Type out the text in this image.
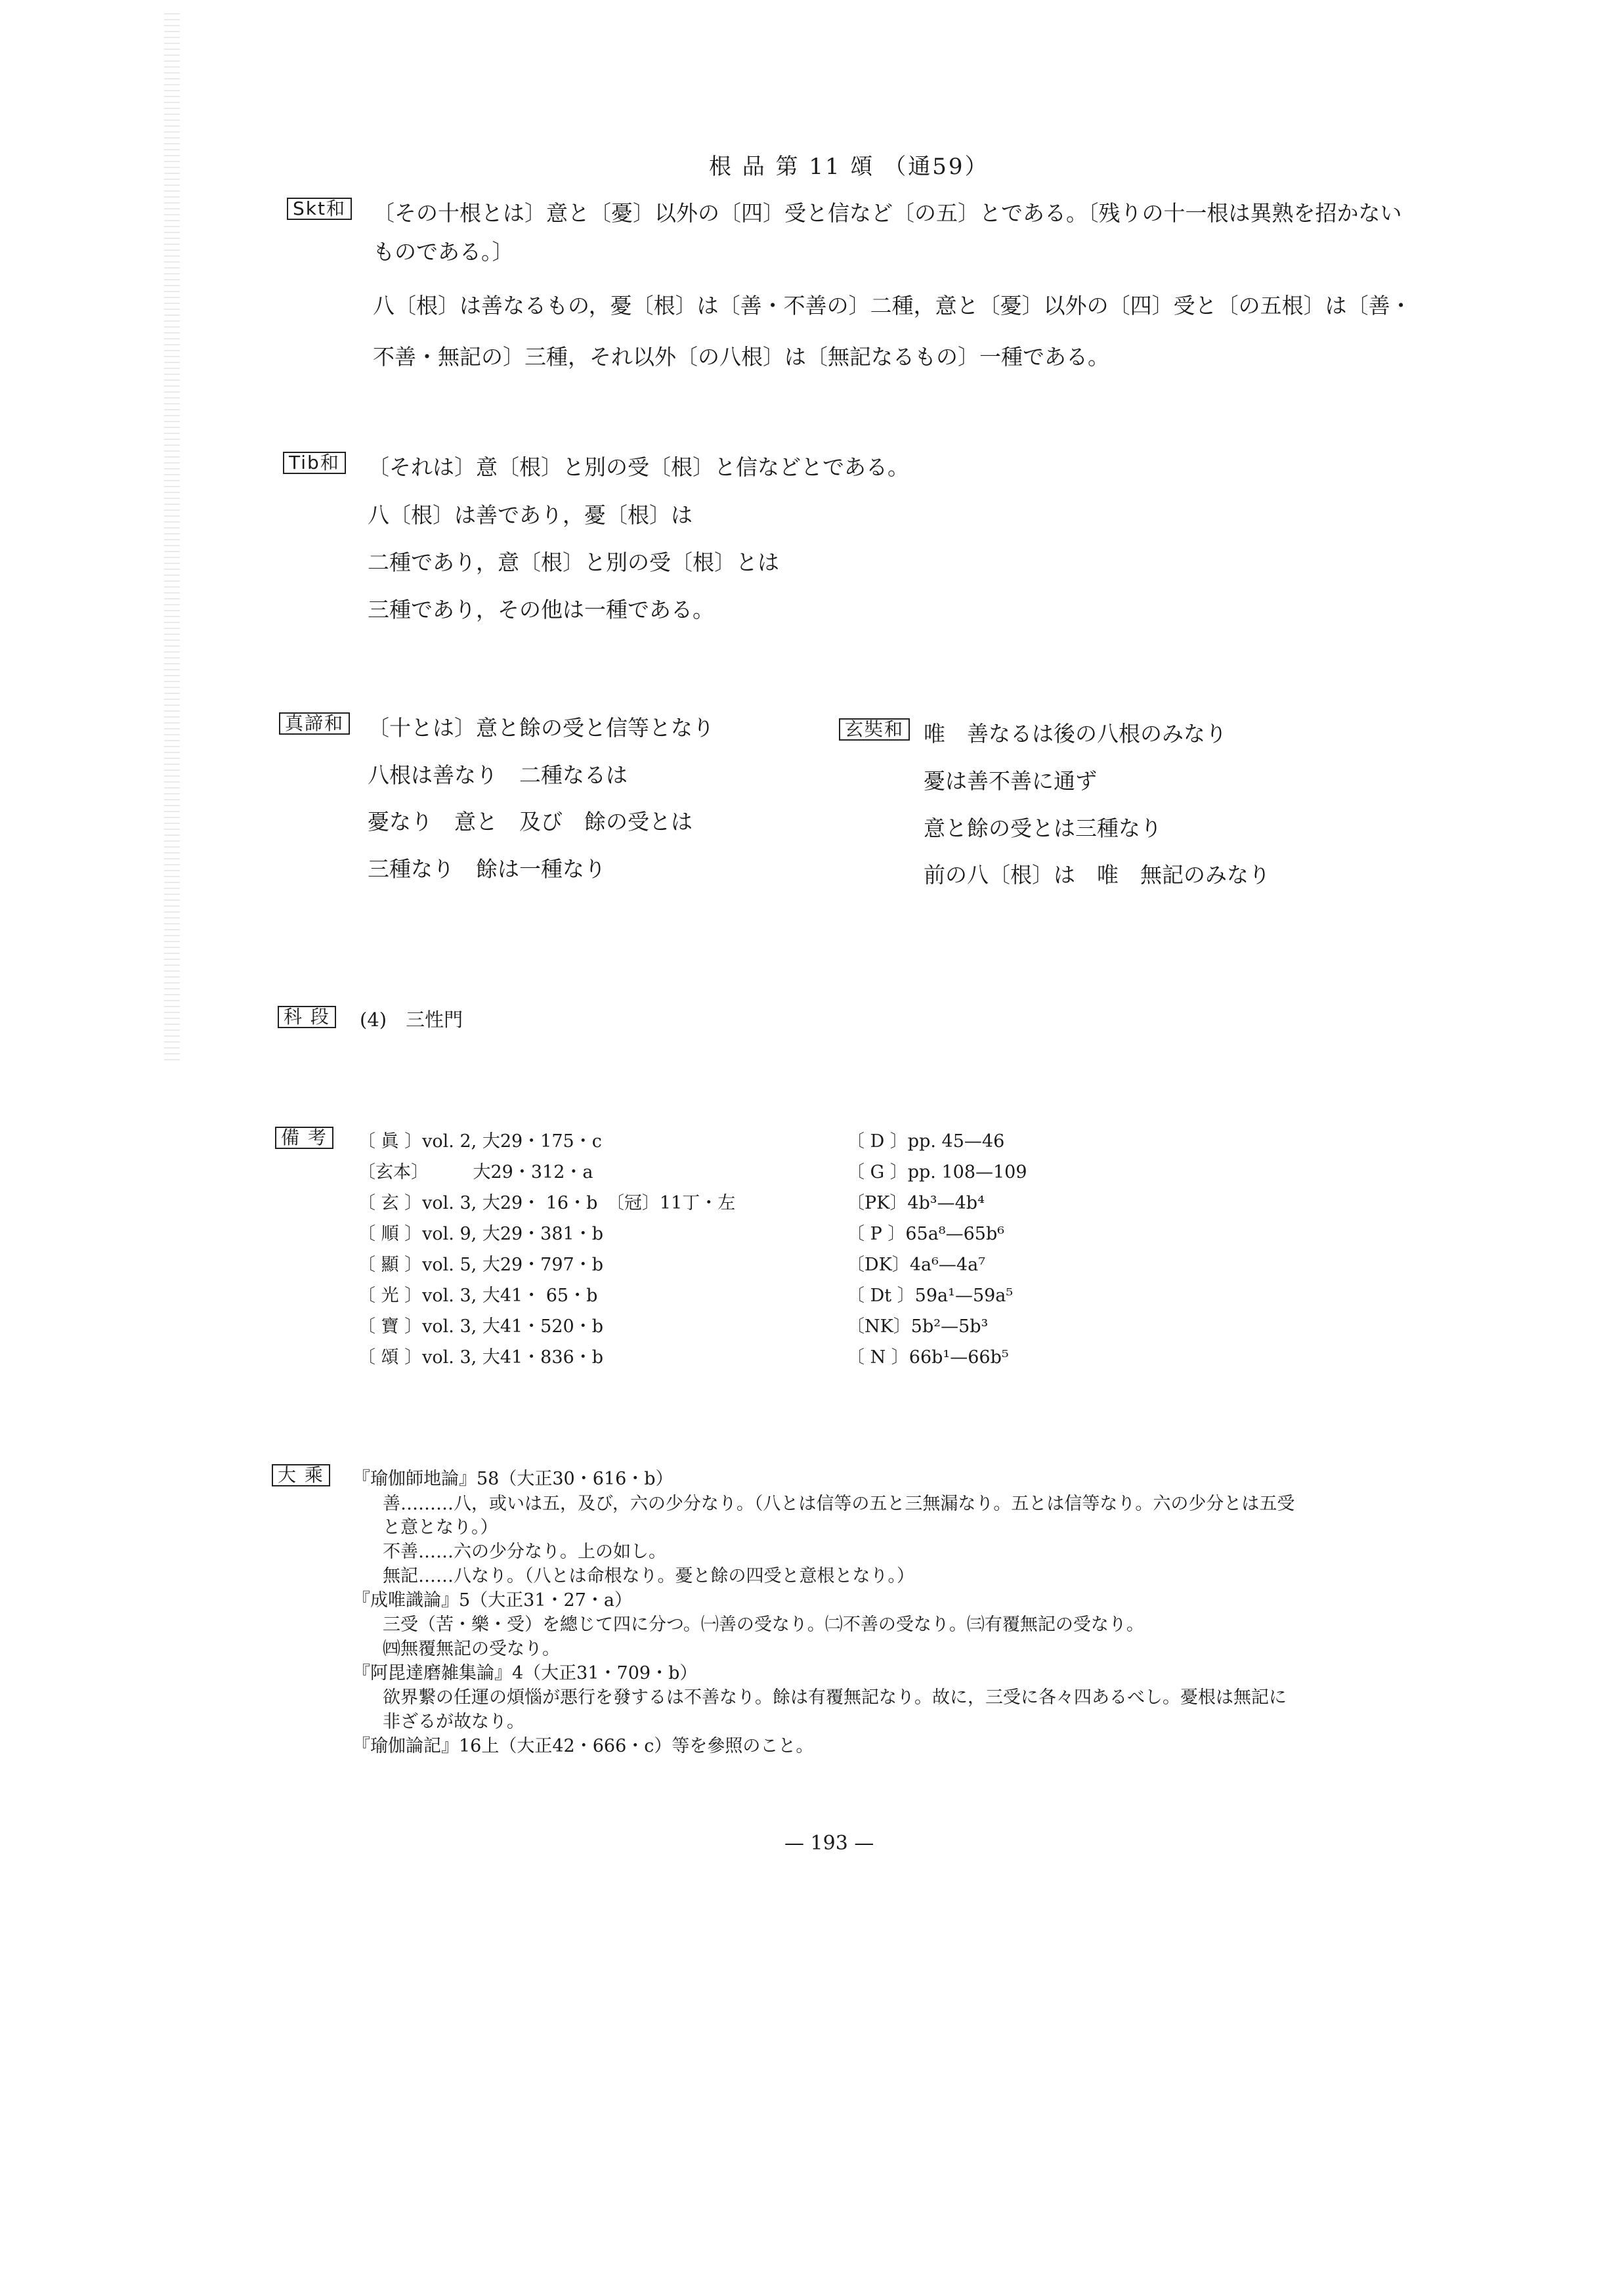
根 品 第 11 頌 （通59）
Skt和 〔その十根とは〕意と〔憂〕以外の〔四〕受と信など〔の五〕とである。〔残りの十一根は異熟を招かない
ものである。〕
八〔根〕は善なるもの，憂〔根〕は〔善・不善の〕二種，意と〔憂〕以外の〔四〕受と〔の五根〕は〔善・
不善・無記の〕三種，それ以外〔の八根〕は〔無記なるもの〕一種である。
Tib和 〔それは〕意〔根〕と別の受〔根〕と信などとである。
八〔根〕は善であり，憂〔根〕は
二種であり，意〔根〕と別の受〔根〕とは
三種であり，その他は一種である。
真諦和 〔十とは〕意と餘の受と信等となり
八根は善なり　二種なるは
憂なり　意と　及び　餘の受とは
三種なり　餘は一種なり
玄奘和 唯　善なるは後の八根のみなり
憂は善不善に通ず
意と餘の受とは三種なり
前の八〔根〕は　唯　無記のみなり
科 段	(4)　三性門
備 考	〔 眞 〕vol. 2, 大29・175・c
〔玄本〕　　　大29・312・a
〔 玄 〕vol. 3, 大29・ 16・b　〔冠〕11丁・左
〔 順 〕vol. 9, 大29・381・b
〔 顯 〕vol. 5, 大29・797・b
〔 光 〕vol. 3, 大41・ 65・b
〔 寶 〕vol. 3, 大41・520・b
〔 頌 〕vol. 3, 大41・836・b
〔 D 〕pp. 45—46
〔 G 〕pp. 108—109
〔PK〕4b³—4b⁴
〔 P 〕65a⁸—65b⁶
〔DK〕4a⁶—4a⁷
〔 Dt 〕59a¹—59a⁵
〔NK〕5b²—5b³
〔 N 〕66b¹—66b⁵
大 乘	『瑜伽師地論』58（大正30・616・b）
善………八，或いは五，及び，六の少分なり。（八とは信等の五と三無漏なり。五とは信等なり。六の少分とは五受
と意となり。）
不善……六の少分なり。上の如し。
無記……八なり。（八とは命根なり。憂と餘の四受と意根となり。）
『成唯識論』5（大正31・27・a）
三受（苦・樂・受）を總じて四に分つ。㈠善の受なり。㈡不善の受なり。㈢有覆無記の受なり。
㈣無覆無記の受なり。
『阿毘達磨雑集論』4（大正31・709・b）
欲界繋の任運の煩惱が悪行を發するは不善なり。餘は有覆無記なり。故に，三受に各々四あるべし。憂根は無記に
非ざるが故なり。
『瑜伽論記』16上（大正42・666・c）等を參照のこと。
— 193 —
